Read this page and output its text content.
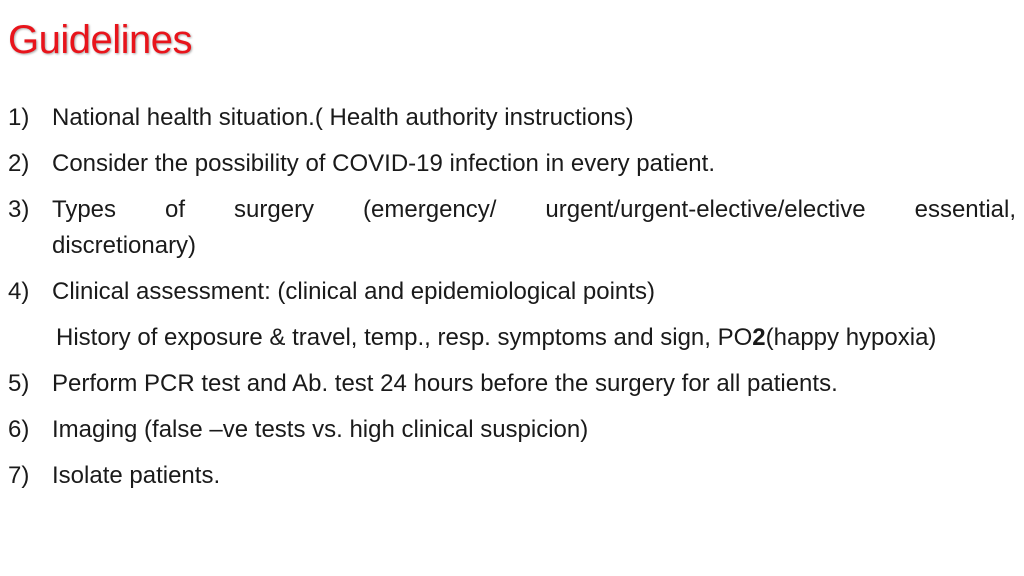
Guidelines
1) National health situation.( Health authority instructions)
2) Consider the possibility of COVID-19 infection in every patient.
3) Types of surgery (emergency/ urgent/urgent-elective/elective essential,
discretionary)
4) Clinical assessment: (clinical and epidemiological points)
History of exposure & travel, temp., resp. symptoms and sign, PO2(happy hypoxia)
5) Perform PCR test and Ab. test 24 hours before the surgery for all patients.
6) Imaging (false –ve tests vs. high clinical suspicion)
7) Isolate patients.
